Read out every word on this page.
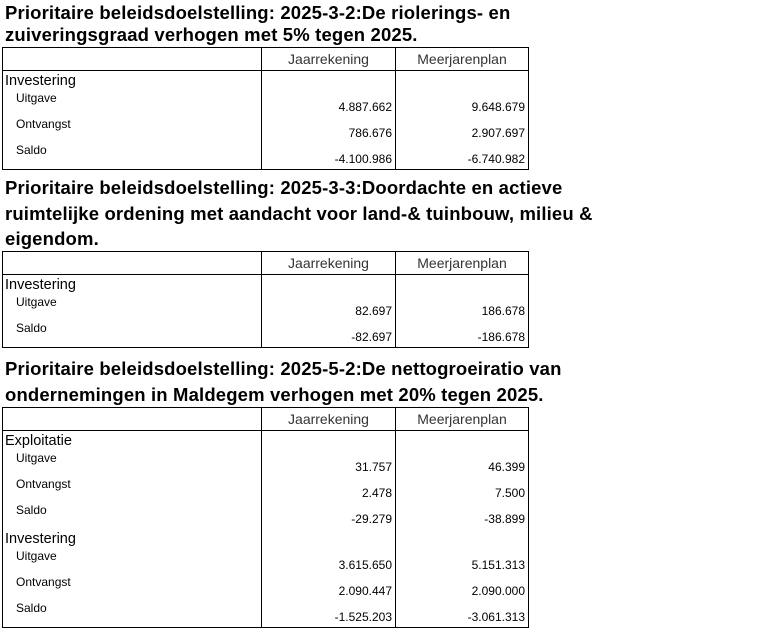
Prioritaire beleidsdoelstelling: 2025-3-2:De riolerings- en
zuiveringsgraad verhogen met 5% tegen 2025.
	Jaarrekening	Meerjarenplan
Investering		
Uitgave	4.887.662	9.648.679
Ontvangst	786.676	2.907.697
Saldo	-4.100.986	-6.740.982
Prioritaire beleidsdoelstelling: 2025-3-3:Doordachte en actieve
ruimtelijke ordening met aandacht voor land-& tuinbouw, milieu &
eigendom.
	Jaarrekening	Meerjarenplan
Investering		
Uitgave	82.697	186.678
Saldo	-82.697	-186.678
Prioritaire beleidsdoelstelling: 2025-5-2:De nettogroeiratio van
ondernemingen in Maldegem verhogen met 20% tegen 2025.
	Jaarrekening	Meerjarenplan
Exploitatie		
Uitgave	31.757	46.399
Ontvangst	2.478	7.500
Saldo	-29.279	-38.899
Investering		
Uitgave	3.615.650	5.151.313
Ontvangst	2.090.447	2.090.000
Saldo	-1.525.203	-3.061.313
